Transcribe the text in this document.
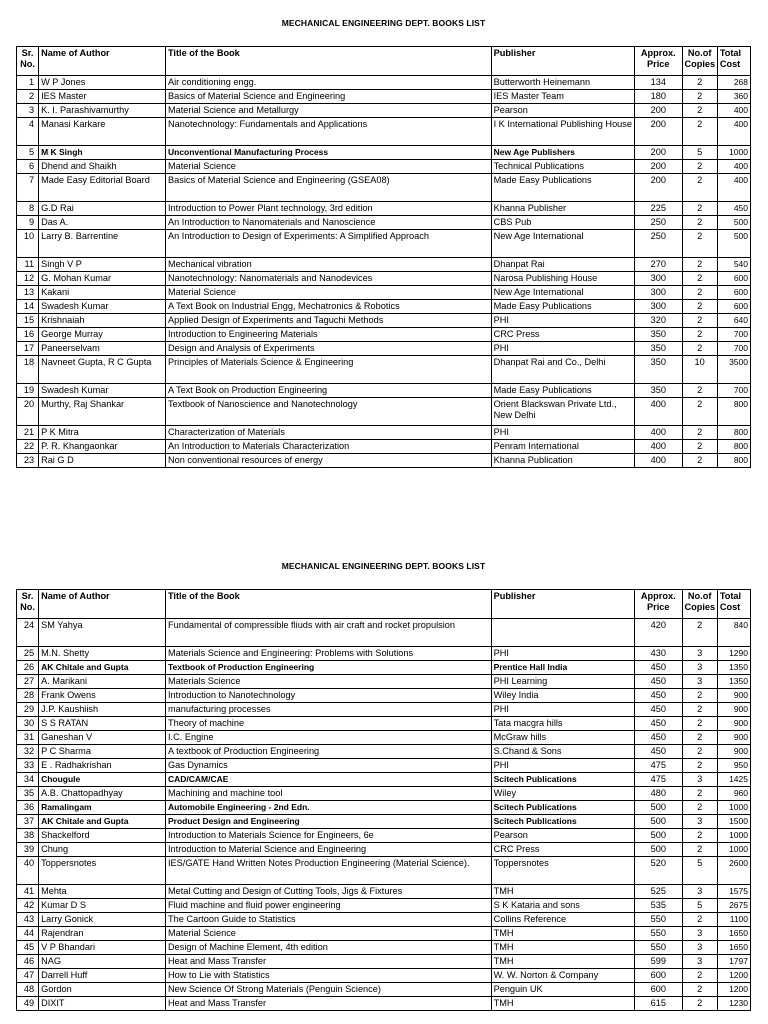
MECHANICAL ENGINEERING DEPT. BOOKS LIST
Sr. No.	Name of Author	Title of the Book	Publisher	Approx. Price	No.of Copies	Total Cost
1	W P Jones	Air conditioning engg.	Butterworth Heinemann	134	2	268
2	IES Master	Basics of Material Science and Engineering	IES Master Team	180	2	360
3	K. I. Parashivamurthy	Material Science and Metallurgy	Pearson	200	2	400
4	Manasi Karkare	Nanotechnology: Fundamentals and Applications	I K International Publishing House	200	2	400
5	M K Singh	Unconventional Manufacturing Process	New Age Publishers	200	5	1000
6	Dhend and Shaikh	Material Science	Technical Publications	200	2	400
7	Made Easy Editorial Board	Basics of Material Science and Engineering (GSEA08)	Made Easy Publications	200	2	400
8	G.D Rai	Introduction to Power Plant technology, 3rd edition	Khanna Publisher	225	2	450
9	Das A.	An Introduction to Nanomaterials and Nanoscience	CBS Pub	250	2	500
10	Larry B. Barrentine	An Introduction to Design of Experiments: A Simplified Approach	New Age International	250	2	500
11	Singh V P	Mechanical vibration	Dhanpat Rai	270	2	540
12	G. Mohan Kumar	Nanotechnology: Nanomaterials and Nanodevices	Narosa Publishing House	300	2	600
13	Kakani	Material Science	New Age International	300	2	600
14	Swadesh Kumar	A Text Book on Industrial Engg, Mechatronics & Robotics	Made Easy Publications	300	2	600
15	Krishnaiah	Applied Design of Experiments and Taguchi Methods	PHI	320	2	640
16	George Murray	Introduction to Engineering Materials	CRC Press	350	2	700
17	Paneerselvam	Design and Analysis of Experiments	PHI	350	2	700
18	Navneet Gupta, R C Gupta	Principles of Materials Science & Engineering	Dhanpat Rai and Co., Delhi	350	10	3500
19	Swadesh Kumar	A Text Book on Production Engineering	Made Easy Publications	350	2	700
20	Murthy, Raj Shankar	Textbook of Nanoscience and Nanotechnology	Orient Blackswan Private Ltd., New Delhi	400	2	800
21	P K Mitra	Characterization of Materials	PHI	400	2	800
22	P. R. Khangaonkar	An Introduction to Materials Characterization	Penram International	400	2	800
23	Rai G D	Non conventional resources of energy	Khanna Publication	400	2	800
MECHANICAL ENGINEERING DEPT. BOOKS LIST
Sr. No.	Name of Author	Title of the Book	Publisher	Approx. Price	No.of Copies	Total Cost
24	SM Yahya	Fundamental of compressible fliuds with air craft and rocket propulsion		420	2	840
25	M.N. Shetty	Materials Science and Engineering: Problems with Solutions	PHI	430	3	1290
26	AK Chitale and Gupta	Textbook of Production Engineering	Prentice Hall India	450	3	1350
27	A. Marikani	Materials Science	PHI Learning	450	3	1350
28	Frank Owens	Introduction to Nanotechnology	Wiley India	450	2	900
29	J.P. Kaushiish	manufacturing processes	PHI	450	2	900
30	S S RATAN	Theory of machine	Tata macgra hills	450	2	900
31	Ganeshan V	I.C. Engine	McGraw hills	450	2	900
32	P C Sharma	A textbook of Production Engineering	S.Chand & Sons	450	2	900
33	E . Radhakrishan	Gas Dynamics	PHI	475	2	950
34	Chougule	CAD/CAM/CAE	Scitech Publications	475	3	1425
35	A.B. Chattopadhyay	Machining and machine tool	Wiley	480	2	960
36	Ramalingam	Automobile Engineering - 2nd Edn.	Scitech Publications	500	2	1000
37	AK Chitale and Gupta	Product Design and Engineering	Scitech Publications	500	3	1500
38	Shackelford	Introduction to Materials Science for Engineers, 6e	Pearson	500	2	1000
39	Chung	Introduction to Material Science and Engineering	CRC Press	500	2	1000
40	Toppersnotes	IES/GATE Hand Written Notes Production Engineering (Material Science).	Toppersnotes	520	5	2600
41	Mehta	Metal Cutting and Design of Cutting Tools, Jigs & Fixtures	TMH	525	3	1575
42	Kumar D S	Fluid machine and fluid power engineering	S K Kataria and sons	535	5	2675
43	Larry Gonick	The Cartoon Guide to Statistics	Collins Reference	550	2	1100
44	Rajendran	Material Science	TMH	550	3	1650
45	V P Bhandari	Design of Machine Element, 4th edition	TMH	550	3	1650
46	NAG	Heat and Mass Transfer	TMH	599	3	1797
47	Darrell Huff	How to Lie with Statistics	W. W. Norton & Company	600	2	1200
48	Gordon	New Science Of Strong Materials (Penguin Science)	Penguin UK	600	2	1200
49	DIXIT	Heat and Mass Transfer	TMH	615	2	1230
